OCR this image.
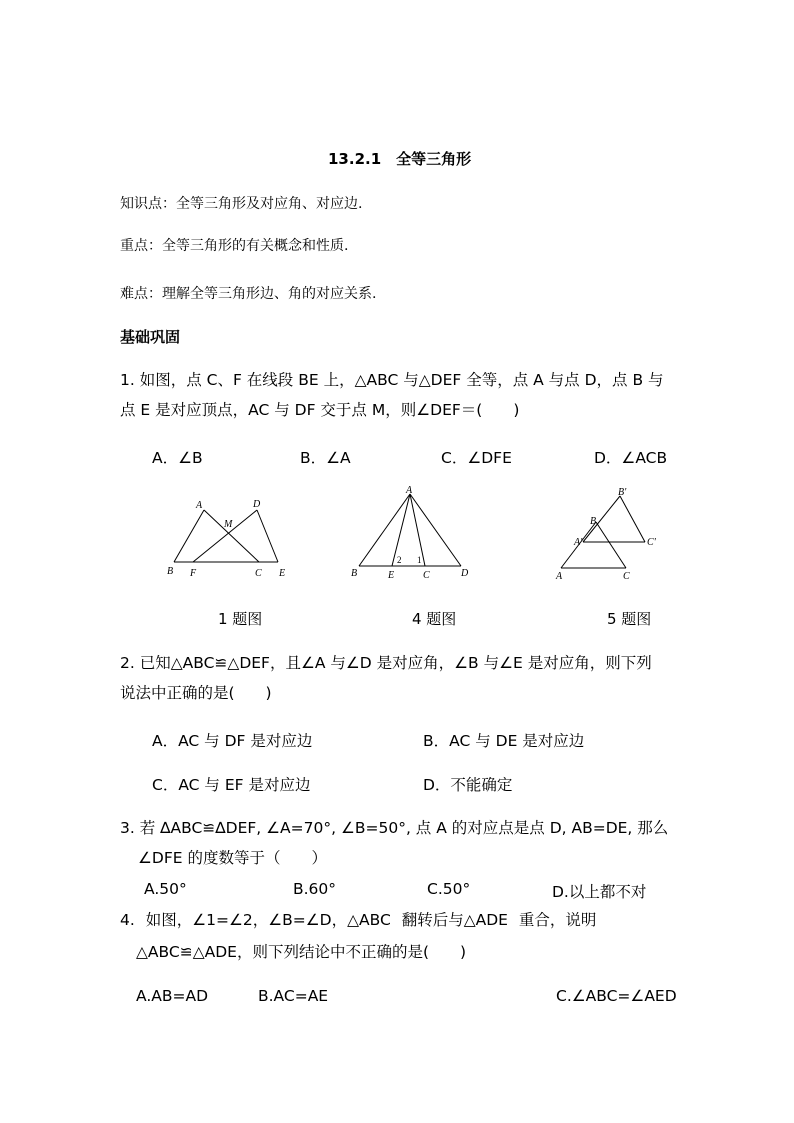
13.2.1　全等三角形
知识点：全等三角形及对应角、对应边.
重点：全等三角形的有关概念和性质.
难点：理解全等三角形边、角的对应关系.
基础巩固
1. 如图，点 C、F 在线段 BE 上，△ABC 与△DEF 全等，点 A 与点 D，点 B 与
点 E 是对应顶点，AC 与 DF 交于点 M，则∠DEF＝(　　)
A．∠B	B．∠A	C．∠DFE	D．∠ACB
A	D
M
B F	C E
A
B	E	C	D
2 1
B'
B
A'	C'
A	C
1 题图	4 题图	5 题图
2. 已知△ABC≌△DEF，且∠A 与∠D 是对应角，∠B 与∠E 是对应角，则下列
说法中正确的是(　　)
A．AC 与 DF 是对应边	B．AC 与 DE 是对应边
C．AC 与 EF 是对应边	D．不能确定
3. 若 ∆ABC≌∆DEF, ∠A=70°, ∠B=50°, 点 A 的对应点是点 D, AB=DE, 那么
∠DFE 的度数等于（　　）
A.50°	B.60°	C.50°	D.以上都不对
4. 如图，∠1=∠2，∠B=∠D，△ABC 翻转后与△ADE 重合，说明
△ABC≌△ADE，则下列结论中不正确的是(　　)
A.AB=AD	B.AC=AE	C.∠ABC=∠AED
